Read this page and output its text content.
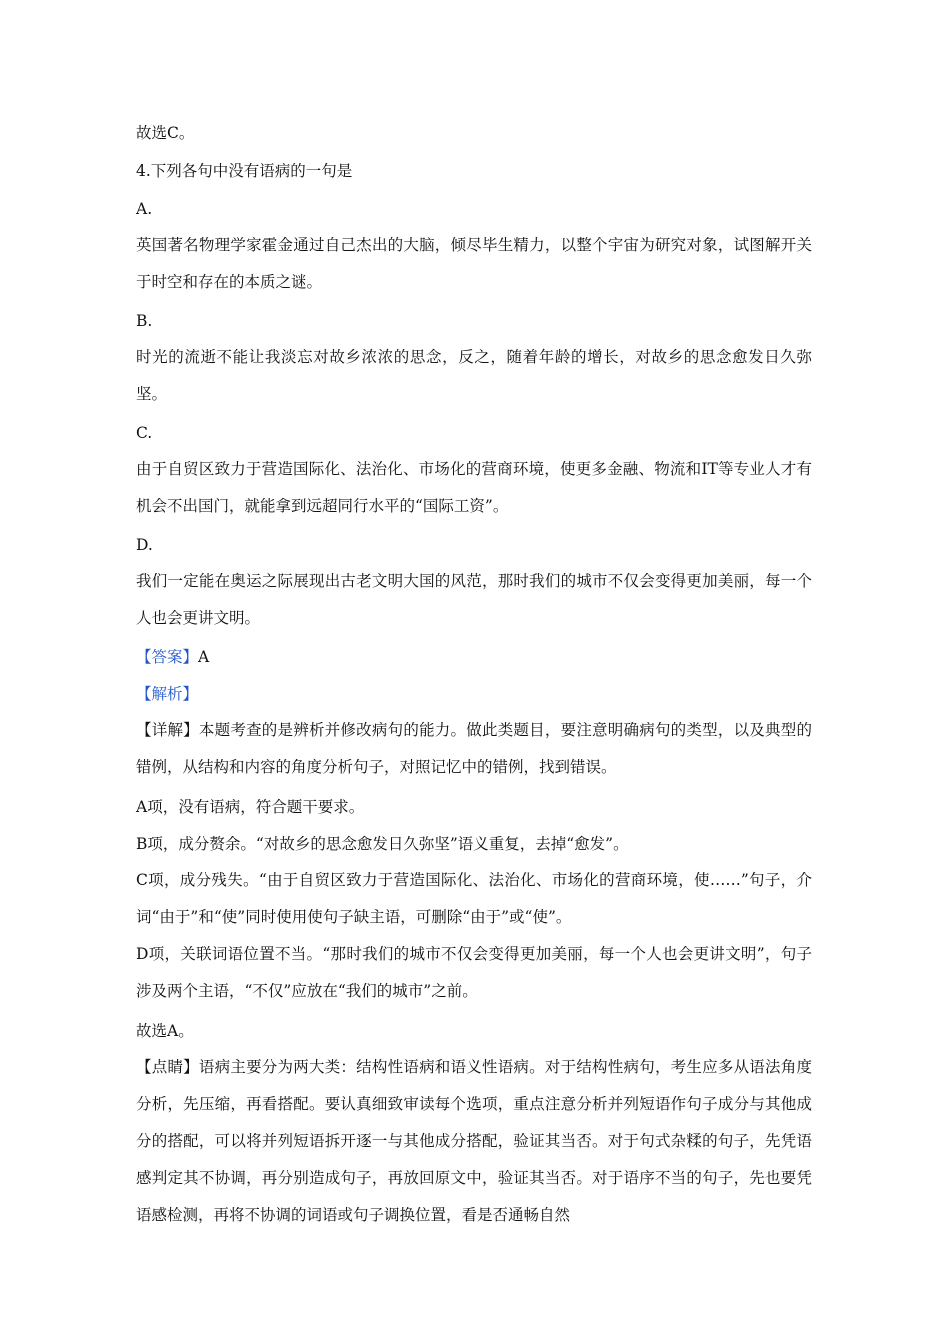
故选C。
4.下列各句中没有语病的一句是
A.
英国著名物理学家霍金通过自己杰出的大脑，倾尽毕生精力，以整个宇宙为研究对象，试图解开关于时空和存在的本质之谜。
B.
时光的流逝不能让我淡忘对故乡浓浓的思念，反之，随着年龄的增长，对故乡的思念愈发日久弥坚。
C.
由于自贸区致力于营造国际化、法治化、市场化的营商环境，使更多金融、物流和IT等专业人才有机会不出国门，就能拿到远超同行水平的“国际工资”。
D.
我们一定能在奥运之际展现出古老文明大国的风范，那时我们的城市不仅会变得更加美丽，每一个人也会更讲文明。
【答案】A
【解析】
【详解】本题考查的是辨析并修改病句的能力。做此类题目，要注意明确病句的类型，以及典型的错例，从结构和内容的角度分析句子，对照记忆中的错例，找到错误。
A项，没有语病，符合题干要求。
B项，成分赘余。“对故乡的思念愈发日久弥坚”语义重复，去掉“愈发”。
C项，成分残失。“由于自贸区致力于营造国际化、法治化、市场化的营商环境，使……”句子，介词“由于”和“使”同时使用使句子缺主语，可删除“由于”或“使”。
D项，关联词语位置不当。“那时我们的城市不仅会变得更加美丽，每一个人也会更讲文明”，句子涉及两个主语，“不仅”应放在“我们的城市”之前。
故选A。
【点睛】语病主要分为两大类：结构性语病和语义性语病。对于结构性病句，考生应多从语法角度分析，先压缩，再看搭配。要认真细致审读每个选项，重点注意分析并列短语作句子成分与其他成分的搭配，可以将并列短语拆开逐一与其他成分搭配，验证其当否。对于句式杂糅的句子，先凭语感判定其不协调，再分别造成句子，再放回原文中，验证其当否。对于语序不当的句子，先也要凭语感检测，再将不协调的词语或句子调换位置，看是否通畅自然
